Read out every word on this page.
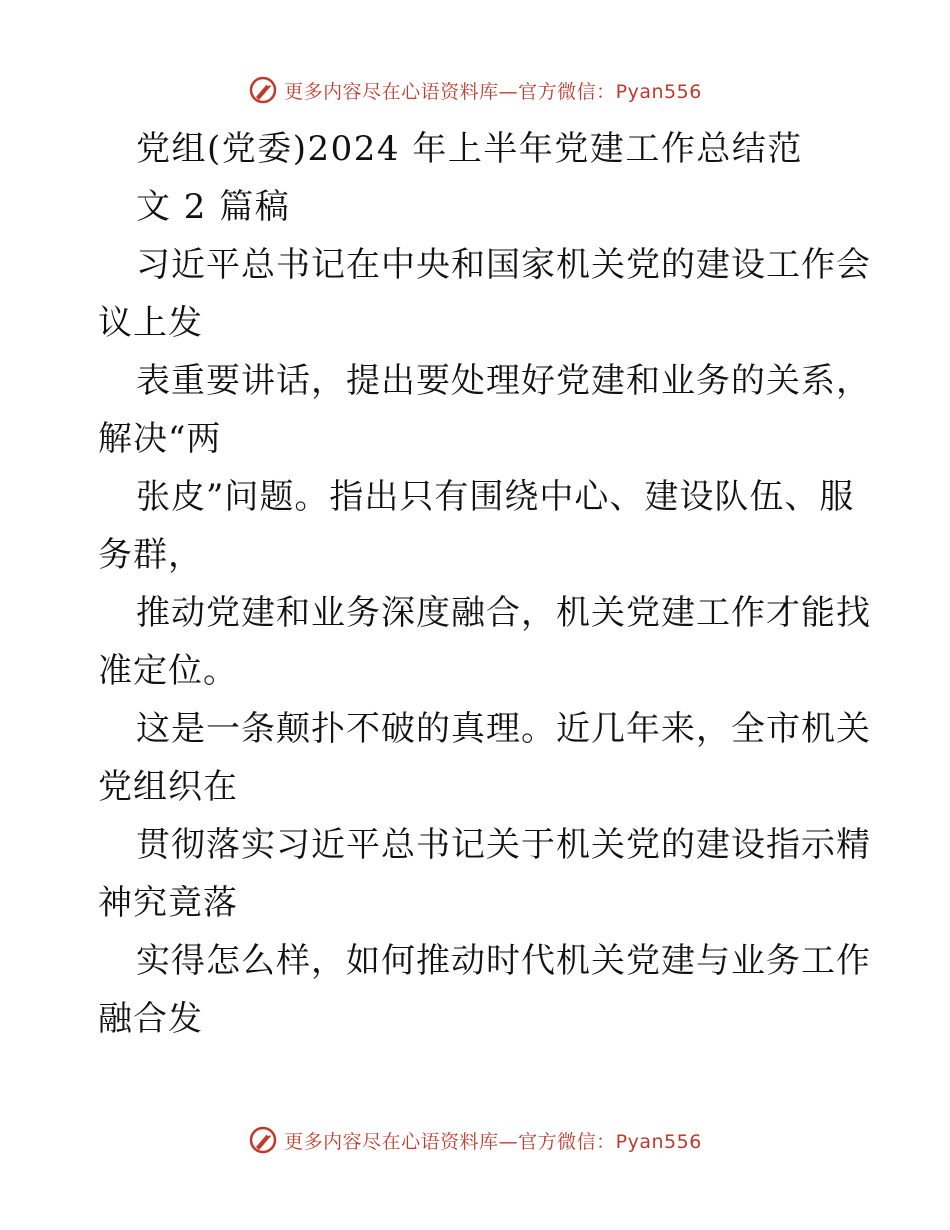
更多内容尽在心语资料库—官方微信：Pyan556
党组(党委)2024 年上半年党建工作总结范
文 2 篇稿
习近平总书记在中央和国家机关党的建设工作会
议上发
表重要讲话，提出要处理好党建和业务的关系，
解决“两
张皮”问题。指出只有围绕中心、建设队伍、服
务群，
推动党建和业务深度融合，机关党建工作才能找
准定位。
这是一条颠扑不破的真理。近几年来，全市机关
党组织在
贯彻落实习近平总书记关于机关党的建设指示精
神究竟落
实得怎么样，如何推动时代机关党建与业务工作
融合发
更多内容尽在心语资料库—官方微信：Pyan556
